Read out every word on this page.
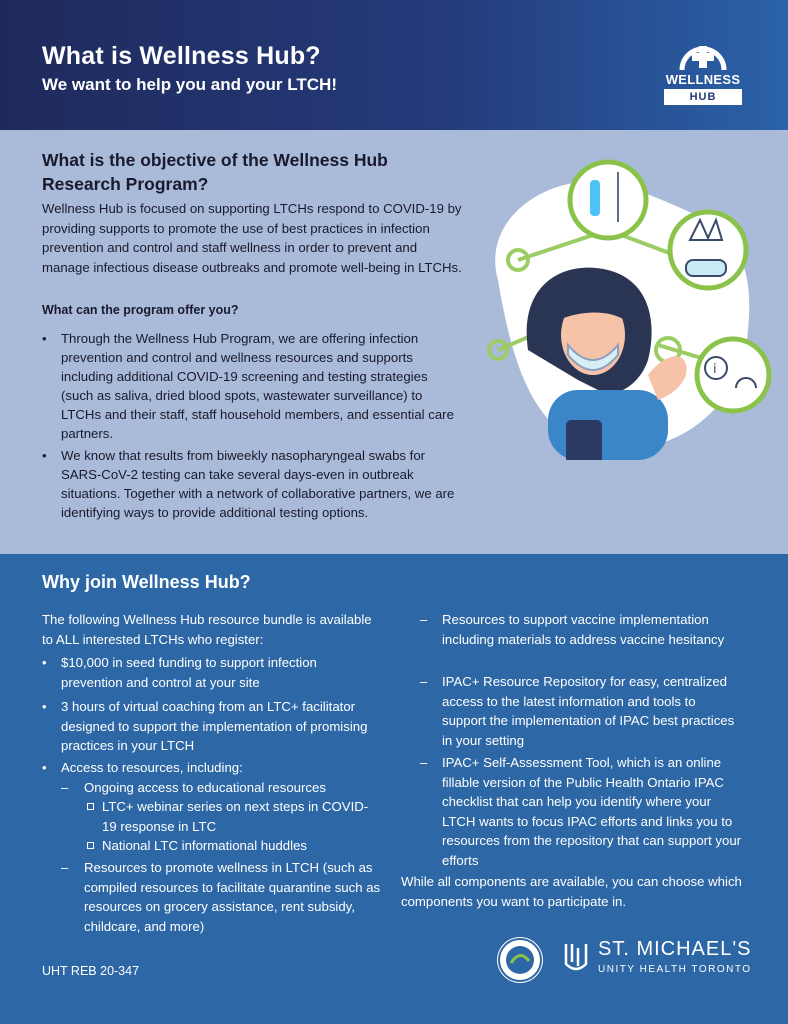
What is Wellness Hub?
We want to help you and your LTCH!	WELLNESS
HUB
What is the objective of the Wellness Hub Research Program?
Wellness Hub is focused on supporting LTCHs respond to COVID-19 by providing supports to promote the use of best practices in infection prevention and control and staff wellness in order to prevent and manage infectious disease outbreaks and promote well-being in LTCHs.
What can the program offer you?
• Through the Wellness Hub Program, we are offering infection prevention and control and wellness resources and supports including additional COVID-19 screening and testing strategies (such as saliva, dried blood spots, wastewater surveillance) to LTCHs and their staff, staff household members, and essential care partners.
• We know that results from biweekly nasopharyngeal swabs for SARS-CoV-2 testing can take several days-even in outbreak situations. Together with a network of collaborative partners, we are identifying ways to provide additional testing options.
i
Why join Wellness Hub?
The following Wellness Hub resource bundle is available to ALL interested LTCHs who register:
• $10,000 in seed funding to support infection prevention and control at your site
• 3 hours of virtual coaching from an LTC+ facilitator designed to support the implementation of promising practices in your LTCH
• Access to resources, including:
– Ongoing access to educational resources
LTC+ webinar series on next steps in COVID-19 response in LTC
National LTC informational huddles
– Resources to promote wellness in LTCH (such as compiled resources to facilitate quarantine such as resources on grocery assistance, rent subsidy, childcare, and more)
– Resources to support vaccine implementation including materials to address vaccine hesitancy
– IPAC+ Resource Repository for easy, centralized access to the latest information and tools to support the implementation of IPAC best practices in your setting
– IPAC+ Self-Assessment Tool, which is an online fillable version of the Public Health Ontario IPAC checklist that can help you identify where your LTCH wants to focus IPAC efforts and links you to resources from the repository that can support your efforts
While all components are available, you can choose which components you want to participate in.
UHT REB 20-347
ST. MICHAEL'S
UNITY HEALTH TORONTO
